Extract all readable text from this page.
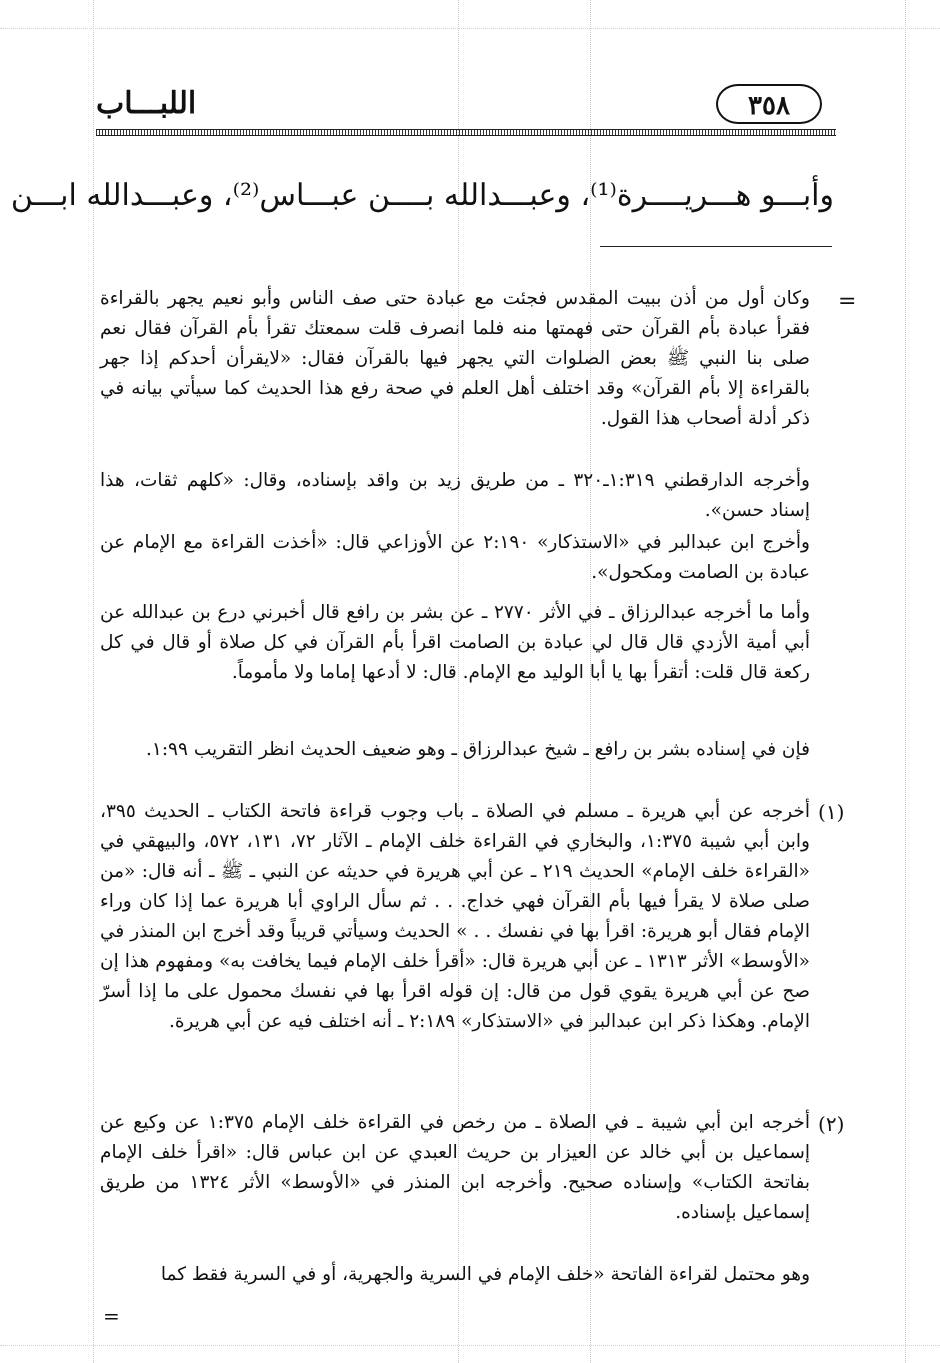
اللبـــاب	٣٥٨
وأبـــو هـــريــــرة⁽¹⁾، وعبـــدالله بــــن عبـــاس⁽²⁾، وعبـــدالله ابـــن
=
وكان أول من أذن ببيت المقدس فجئت مع عبادة حتى صف الناس وأبو نعيم يجهر بالقراءة فقرأ عبادة بأم القرآن حتى فهمتها منه فلما انصرف قلت سمعتك تقرأ بأم القرآن فقال نعم صلى بنا النبي ﷺ بعض الصلوات التي يجهر فيها بالقرآن فقال: «لايقرأن أحدكم إذا جهر بالقراءة إلا بأم القرآن» وقد اختلف أهل العلم في صحة رفع هذا الحديث كما سيأتي بيانه في ذكر أدلة أصحاب هذا القول.
وأخرجه الدارقطني ١:٣١٩ـ٣٢٠ ـ من طريق زيد بن واقد بإسناده، وقال: «كلهم ثقات، هذا إسناد حسن».
وأخرج ابن عبدالبر في «الاستذكار» ٢:١٩٠ عن الأوزاعي قال: «أخذت القراءة مع الإمام عن عبادة بن الصامت ومكحول».
وأما ما أخرجه عبدالرزاق ـ في الأثر ٢٧٧٠ ـ عن بشر بن رافع قال أخبرني درع بن عبدالله عن أبي أمية الأزدي قال قال لي عبادة بن الصامت اقرأ بأم القرآن في كل صلاة أو قال في كل ركعة قال قلت: أتقرأ بها يا أبا الوليد مع الإمام. قال: لا أدعها إماما ولا مأموماً.
فإن في إسناده بشر بن رافع ـ شيخ عبدالرزاق ـ وهو ضعيف الحديث انظر التقريب ١:٩٩.
(١)
أخرجه عن أبي هريرة ـ مسلم في الصلاة ـ باب وجوب قراءة فاتحة الكتاب ـ الحديث ٣٩٥، وابن أبي شيبة ١:٣٧٥، والبخاري في القراءة خلف الإمام ـ الآثار ٧٢، ١٣١، ٥٧٢، والبيهقي في «القراءة خلف الإمام» الحديث ٢١٩ ـ عن أبي هريرة في حديثه عن النبي ـ ﷺ ـ أنه قال: «من صلى صلاة لا يقرأ فيها بأم القرآن فهي خداج. . . ثم سأل الراوي أبا هريرة عما إذا كان وراء الإمام فقال أبو هريرة: اقرأ بها في نفسك . . » الحديث وسيأتي قريباً وقد أخرج ابن المنذر في «الأوسط» الأثر ١٣١٣ ـ عن أبي هريرة قال: «أقرأ خلف الإمام فيما يخافت به» ومفهوم هذا إن صح عن أبي هريرة يقوي قول من قال: إن قوله اقرأ بها في نفسك محمول على ما إذا أسرّ الإمام. وهكذا ذكر ابن عبدالبر في «الاستذكار» ٢:١٨٩ ـ أنه اختلف فيه عن أبي هريرة.
(٢)
أخرجه ابن أبي شيبة ـ في الصلاة ـ من رخص في القراءة خلف الإمام ١:٣٧٥ عن وكيع عن إسماعيل بن أبي خالد عن العيزار بن حريث العبدي عن ابن عباس قال: «اقرأ خلف الإمام بفاتحة الكتاب» وإسناده صحيح. وأخرجه ابن المنذر في «الأوسط» الأثر ١٣٢٤ من طريق إسماعيل بإسناده.
وهو محتمل لقراءة الفاتحة «خلف الإمام في السرية والجهرية، أو في السرية فقط كما
=
